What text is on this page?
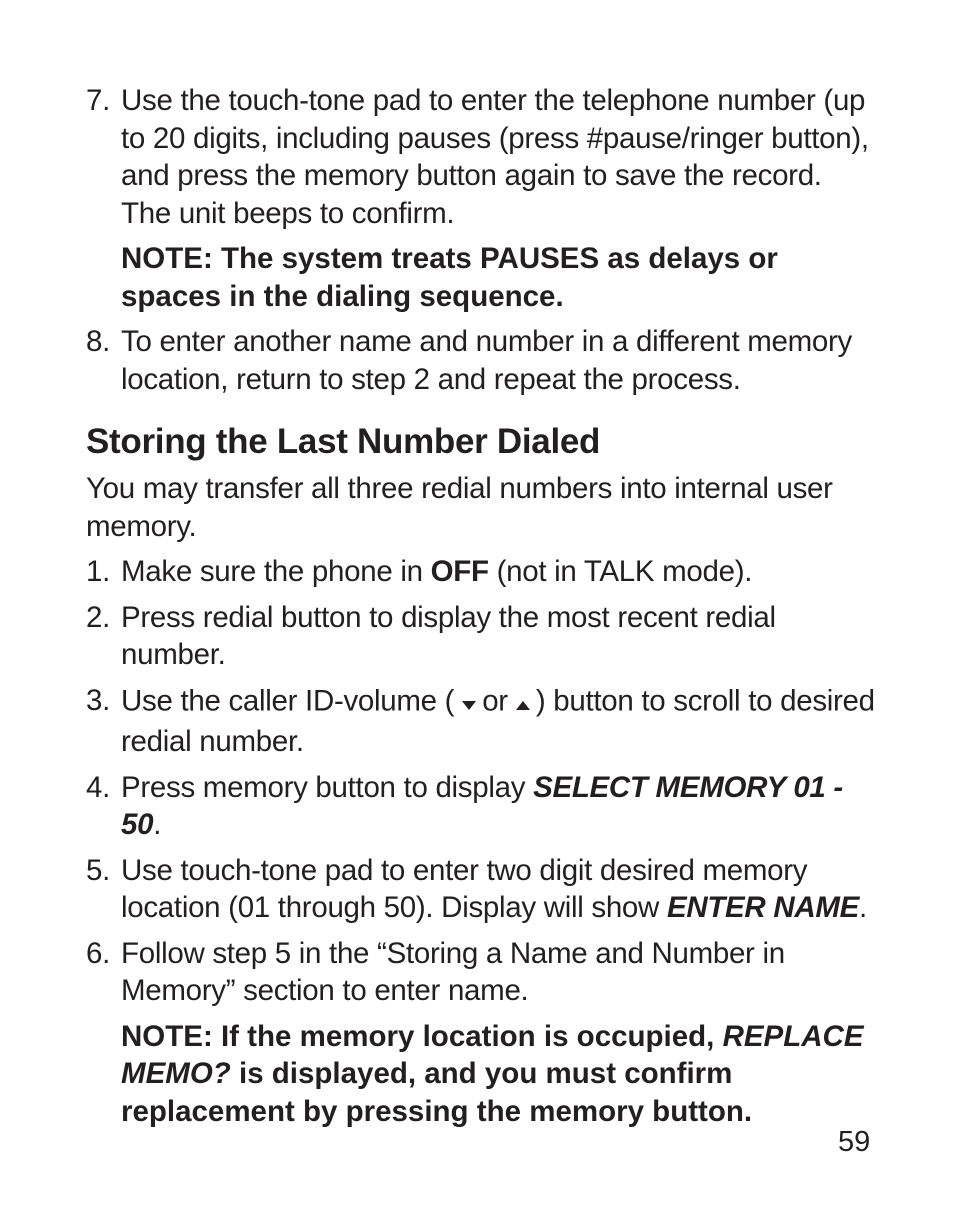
7. Use the touch-tone pad to enter the telephone number (up to 20 digits, including pauses (press #pause/ringer button), and press the memory button again to save the record. The unit beeps to confirm.
NOTE: The system treats PAUSES as delays or spaces in the dialing sequence.
8. To enter another name and number in a different memory location, return to step 2 and repeat the process.
Storing the Last Number Dialed
You may transfer all three redial numbers into internal user memory.
1. Make sure the phone in OFF (not in TALK mode).
2. Press redial button to display the most recent redial number.
3. Use the caller ID-volume ( or ) button to scroll to desired redial number.
4. Press memory button to display SELECT MEMORY 01 - 50.
5. Use touch-tone pad to enter two digit desired memory location (01 through 50). Display will show ENTER NAME.
6. Follow step 5 in the “Storing a Name and Number in Memory” section to enter name.
NOTE: If the memory location is occupied, REPLACE MEMO? is displayed, and you must confirm replacement by pressing the memory button.
59
